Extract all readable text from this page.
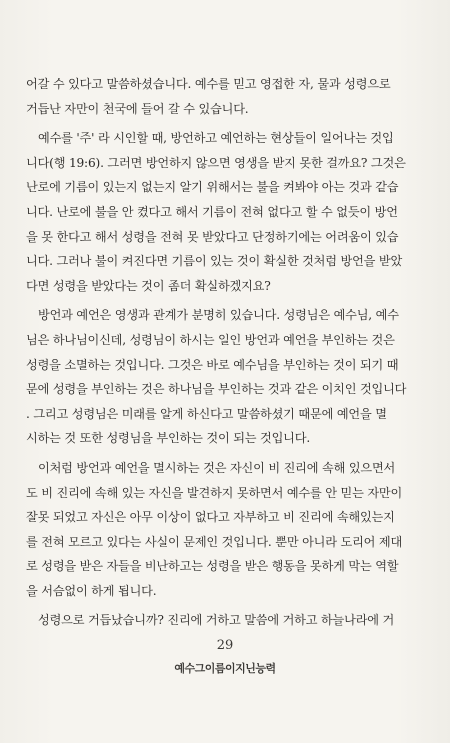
어갈 수 있다고 말씀하셨습니다. 예수를 믿고 영접한 자, 물과 성령으로
거듭난 자만이 천국에 들어 갈 수 있습니다.
예수를 '주' 라 시인할 때, 방언하고 예언하는 현상들이 일어나는 것입
니다(행 19:6). 그러면 방언하지 않으면 영생을 받지 못한 걸까요? 그것은
난로에 기름이 있는지 없는지 알기 위해서는 불을 켜봐야 아는 것과 같습
니다. 난로에 불을 안 켰다고 해서 기름이 전혀 없다고 할 수 없듯이 방언
을 못 한다고 해서 성령을 전혀 못 받았다고 단정하기에는 어려움이 있습
니다. 그러나 불이 켜진다면 기름이 있는 것이 확실한 것처럼 방언을 받았
다면 성령을 받았다는 것이 좀더 확실하겠지요?
방언과 예언은 영생과 관계가 분명히 있습니다. 성령님은 예수님, 예수
님은 하나님이신데, 성령님이 하시는 일인 방언과 예언을 부인하는 것은
성령을 소멸하는 것입니다. 그것은 바로 예수님을 부인하는 것이 되기 때
문에 성령을 부인하는 것은 하나님을 부인하는 것과 같은 이치인 것입니다
. 그리고 성령님은 미래를 알게 하신다고 말씀하셨기 때문에 예언을 멸
시하는 것 또한 성령님을 부인하는 것이 되는 것입니다.
이처럼 방언과 예언을 멸시하는 것은 자신이 비 진리에 속해 있으면서
도 비 진리에 속해 있는 자신을 발견하지 못하면서 예수를 안 믿는 자만이
잘못 되었고 자신은 아무 이상이 없다고 자부하고 비 진리에 속해있는지
를 전혀 모르고 있다는 사실이 문제인 것입니다. 뿐만 아니라 도리어 제대
로 성령을 받은 자들을 비난하고는 성령을 받은 행동을 못하게 막는 역할
을 서슴없이 하게 됩니다.
성령으로 거듭났습니까? 진리에 거하고 말씀에 거하고 하늘나라에 거
29
예수그이름이지닌능력
